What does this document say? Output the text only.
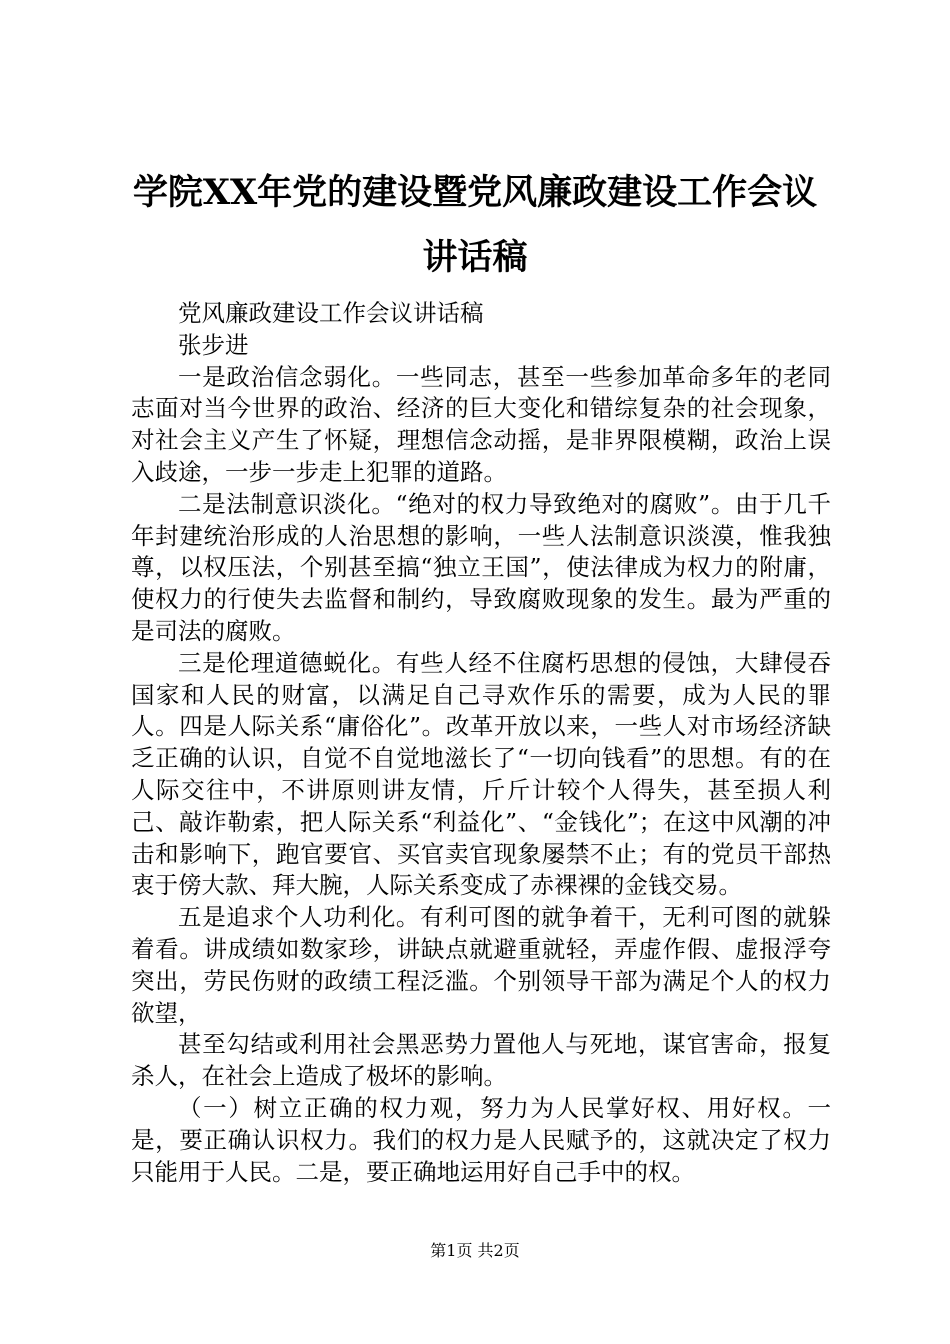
学院XX年党的建设暨党风廉政建设工作会议
讲话稿

党风廉政建设工作会议讲话稿

张步进

一是政治信念弱化。一些同志，甚至一些参加革命多年的老同志面对当今世界的政治、经济的巨大变化和错综复杂的社会现象，对社会主义产生了怀疑，理想信念动摇，是非界限模糊，政治上误入歧途，一步一步走上犯罪的道路。

二是法制意识淡化。“绝对的权力导致绝对的腐败”。由于几千年封建统治形成的人治思想的影响，一些人法制意识淡漠，惟我独尊，以权压法，个别甚至搞“独立王国”，使法律成为权力的附庸，使权力的行使失去监督和制约，导致腐败现象的发生。最为严重的是司法的腐败。

三是伦理道德蜕化。有些人经不住腐朽思想的侵蚀，大肆侵吞国家和人民的财富，以满足自己寻欢作乐的需要，成为人民的罪人。四是人际关系“庸俗化”。改革开放以来，一些人对市场经济缺乏正确的认识，自觉不自觉地滋长了“一切向钱看”的思想。有的在人际交往中，不讲原则讲友情，斤斤计较个人得失，甚至损人利己、敲诈勒索，把人际关系“利益化”、“金钱化”；在这中风潮的冲击和影响下，跑官要官、买官卖官现象屡禁不止；有的党员干部热衷于傍大款、拜大腕，人际关系变成了赤裸裸的金钱交易。

五是追求个人功利化。有利可图的就争着干，无利可图的就躲着看。讲成绩如数家珍，讲缺点就避重就轻，弄虚作假、虚报浮夸突出，劳民伤财的政绩工程泛滥。个别领导干部为满足个人的权力欲望，

甚至勾结或利用社会黑恶势力置他人与死地，谋官害命，报复杀人，在社会上造成了极坏的影响。

（一）树立正确的权力观，努力为人民掌好权、用好权。一是，要正确认识权力。我们的权力是人民赋予的，这就决定了权力只能用于人民。二是，要正确地运用好自己手中的权。

第1页 共2页
